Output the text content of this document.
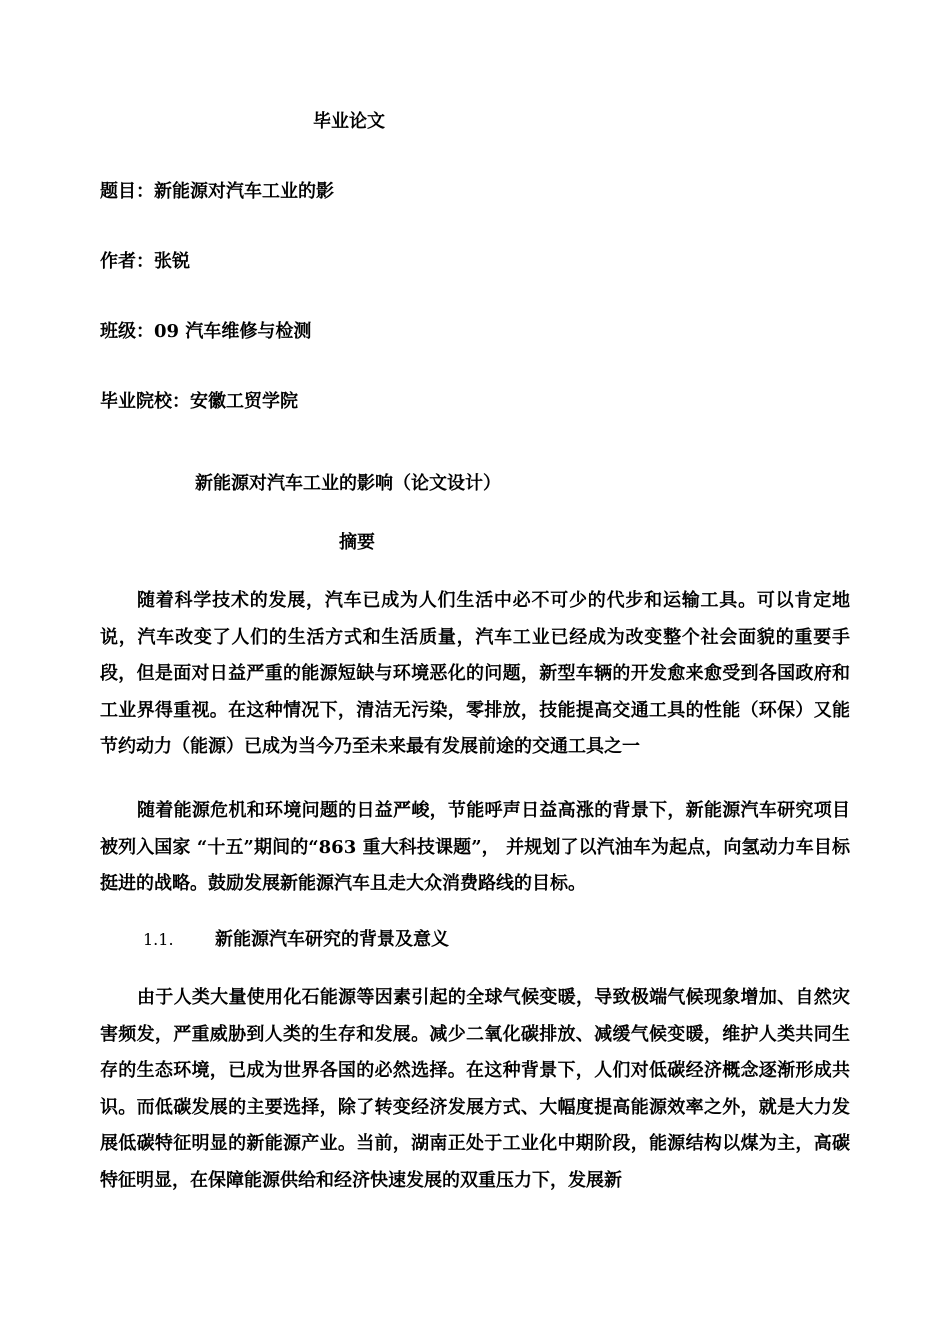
毕业论文
题目：新能源对汽车工业的影
作者：张锐
班级：09 汽车维修与检测
毕业院校：安徽工贸学院
新能源对汽车工业的影响（论文设计）
摘要
随着科学技术的发展，汽车已成为人们生活中必不可少的代步和运输工具。可以肯定地说，汽车改变了人们的生活方式和生活质量，汽车工业已经成为改变整个社会面貌的重要手段，但是面对日益严重的能源短缺与环境恶化的问题，新型车辆的开发愈来愈受到各国政府和工业界得重视。在这种情况下，清洁无污染，零排放，技能提高交通工具的性能（环保）又能节约动力（能源）已成为当今乃至未来最有发展前途的交通工具之一
随着能源危机和环境问题的日益严峻，节能呼声日益高涨的背景下，新能源汽车研究项目被列入国家 “十五”期间的“863 重大科技课题”， 并规划了以汽油车为起点，向氢动力车目标挺进的战略。鼓励发展新能源汽车且走大众消费路线的目标。
1.1. 新能源汽车研究的背景及意义
由于人类大量使用化石能源等因素引起的全球气候变暖，导致极端气候现象增加、自然灾害频发，严重威胁到人类的生存和发展。减少二氧化碳排放、减缓气候变暖，维护人类共同生存的生态环境，已成为世界各国的必然选择。在这种背景下，人们对低碳经济概念逐渐形成共识。而低碳发展的主要选择，除了转变经济发展方式、大幅度提高能源效率之外，就是大力发展低碳特征明显的新能源产业。当前，湖南正处于工业化中期阶段，能源结构以煤为主，高碳特征明显，在保障能源供给和经济快速发展的双重压力下，发展新
